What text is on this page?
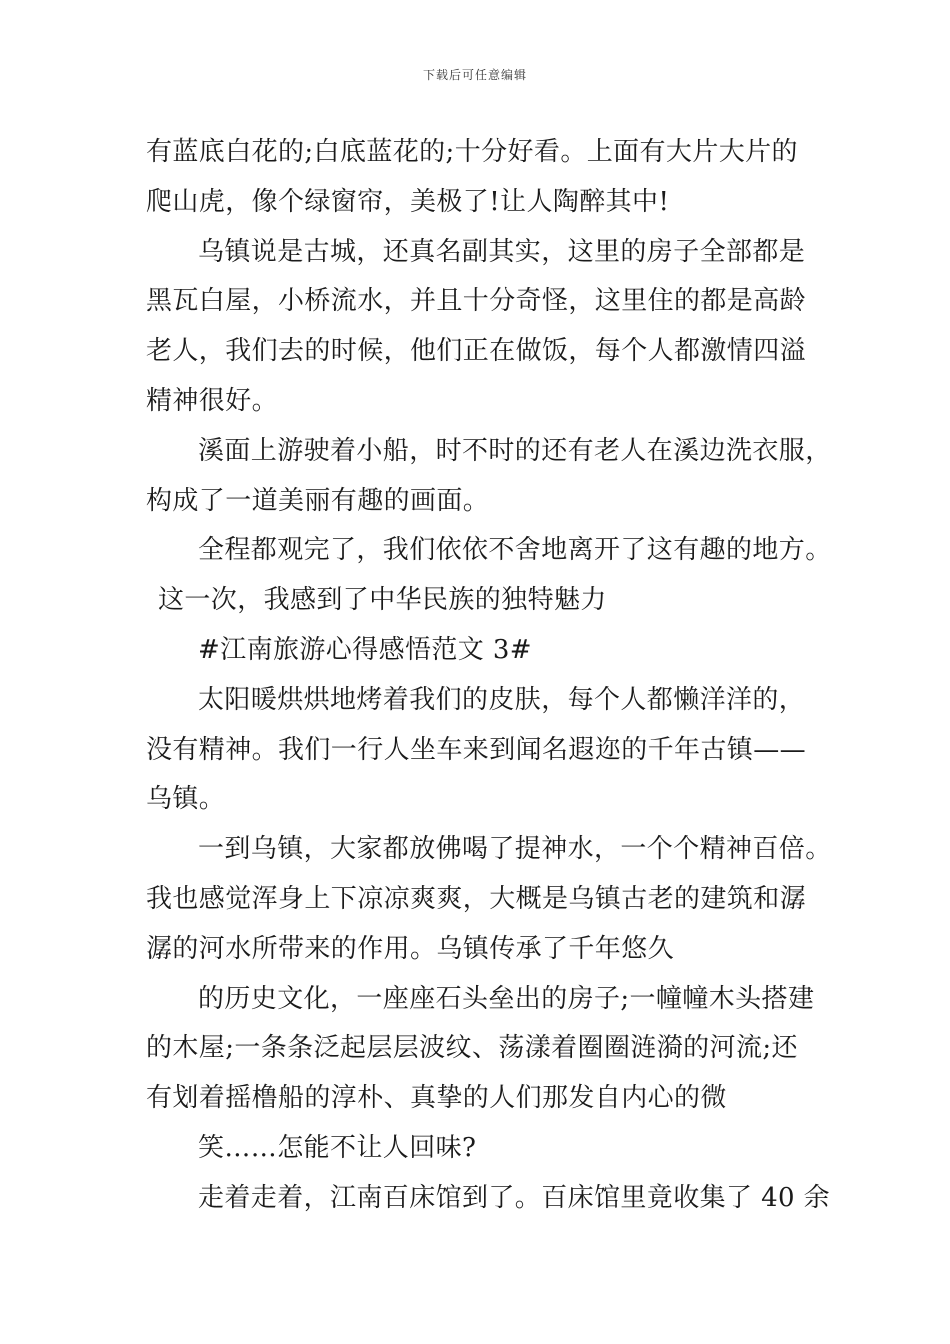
下载后可任意编辑
有蓝底白花的;白底蓝花的;十分好看。上面有大片大片的
爬山虎，像个绿窗帘，美极了!让人陶醉其中!
乌镇说是古城，还真名副其实，这里的房子全部都是
黑瓦白屋，小桥流水，并且十分奇怪，这里住的都是高龄
老人，我们去的时候，他们正在做饭，每个人都激情四溢
精神很好。
溪面上游驶着小船，时不时的还有老人在溪边洗衣服，
构成了一道美丽有趣的画面。
全程都观完了，我们依依不舍地离开了这有趣的地方。
这一次，我感到了中华民族的独特魅力
#江南旅游心得感悟范文 3#
太阳暖烘烘地烤着我们的皮肤，每个人都懒洋洋的，
没有精神。我们一行人坐车来到闻名遐迩的千年古镇——
乌镇。
一到乌镇，大家都放佛喝了提神水，一个个精神百倍。
我也感觉浑身上下凉凉爽爽，大概是乌镇古老的建筑和潺
潺的河水所带来的作用。乌镇传承了千年悠久
的历史文化，一座座石头垒出的房子;一幢幢木头搭建
的木屋;一条条泛起层层波纹、荡漾着圈圈涟漪的河流;还
有划着摇橹船的淳朴、真挚的人们那发自内心的微
笑……怎能不让人回味?
走着走着，江南百床馆到了。百床馆里竟收集了 40 余
